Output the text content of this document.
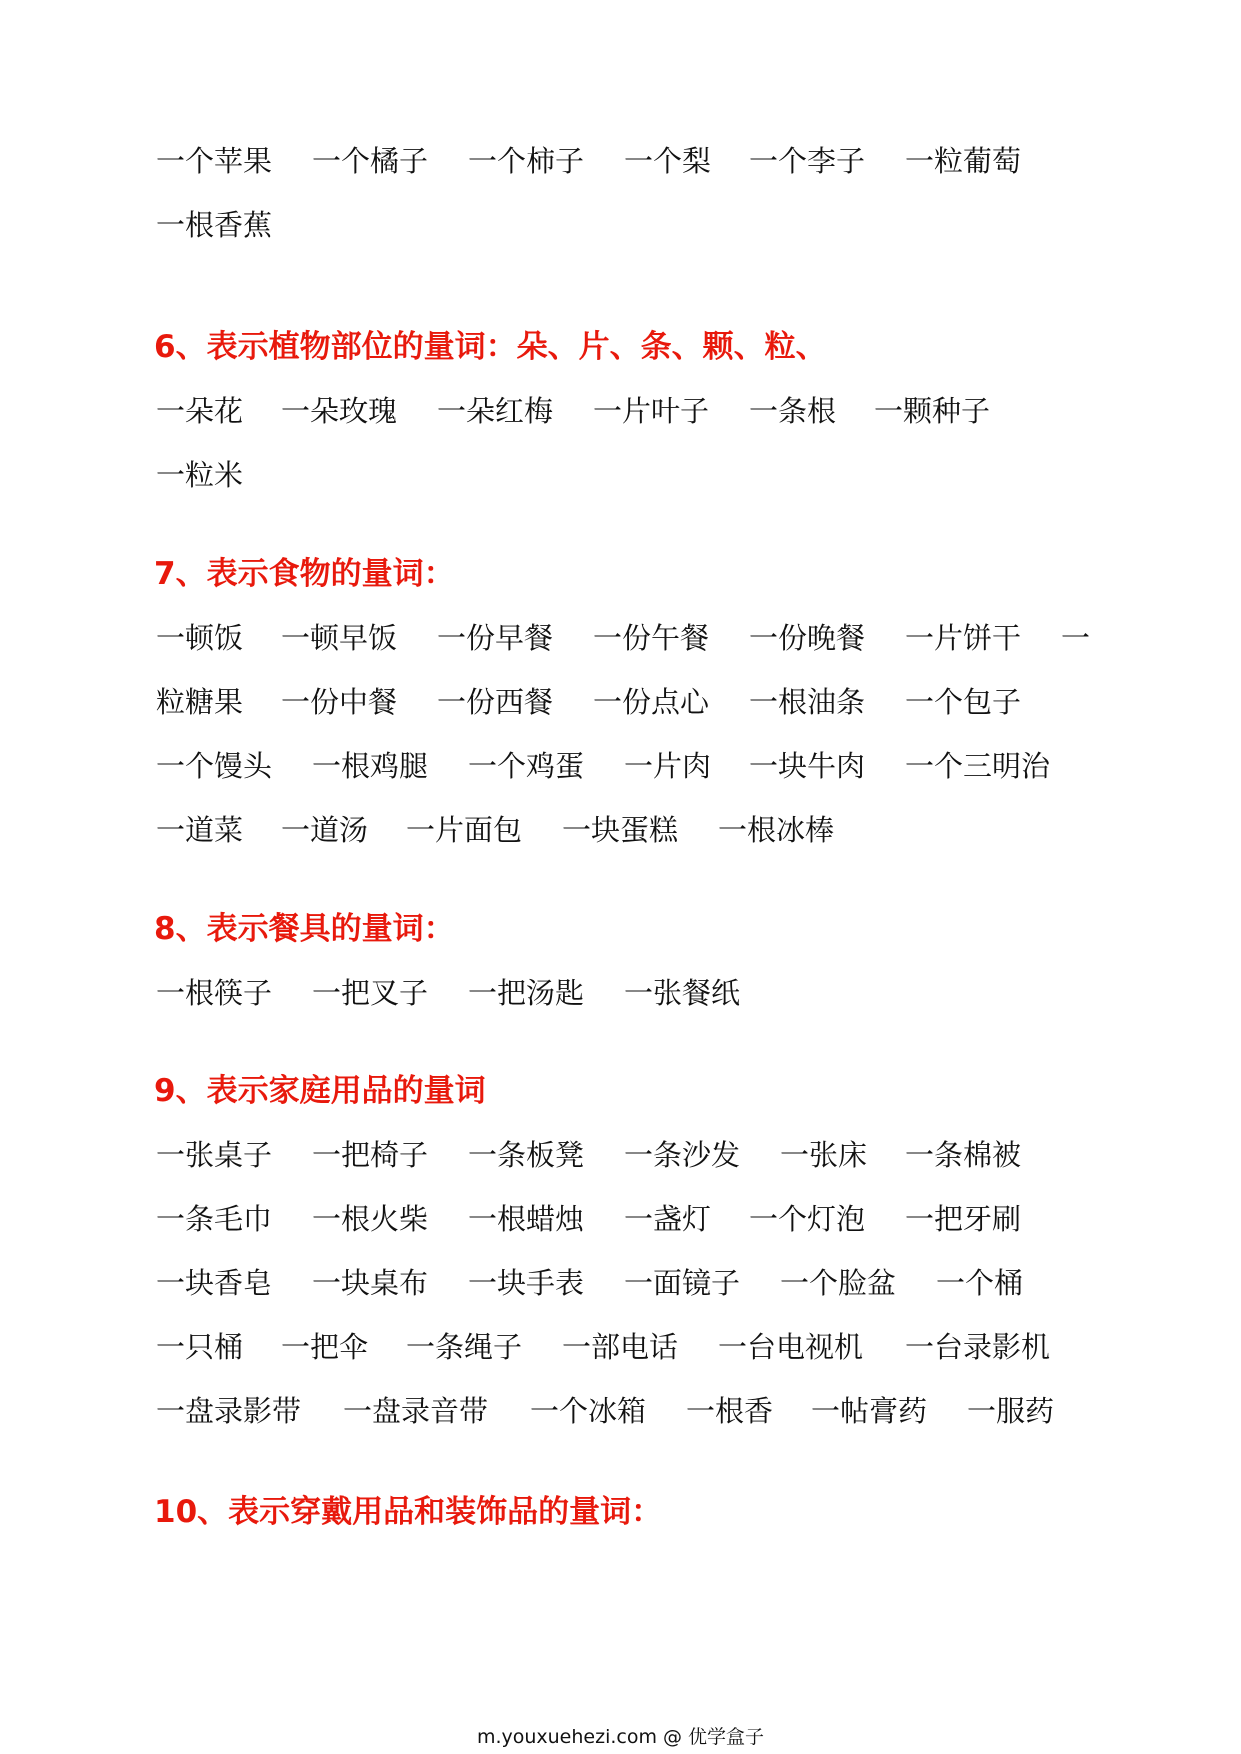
一个苹果 一个橘子 一个柿子 一个梨 一个李子 一粒葡萄
一根香蕉
6、表示植物部位的量词：朵、片、条、颗、粒、
一朵花 一朵玫瑰 一朵红梅 一片叶子 一条根 一颗种子
一粒米
7、表示食物的量词：
一顿饭 一顿早饭 一份早餐 一份午餐 一份晚餐 一片饼干 一
粒糖果 一份中餐 一份西餐 一份点心 一根油条 一个包子
一个馒头 一根鸡腿 一个鸡蛋 一片肉 一块牛肉 一个三明治
一道菜 一道汤 一片面包 一块蛋糕 一根冰棒
8、表示餐具的量词：
一根筷子 一把叉子 一把汤匙 一张餐纸
9、表示家庭用品的量词
一张桌子 一把椅子 一条板凳 一条沙发 一张床 一条棉被
一条毛巾 一根火柴 一根蜡烛 一盏灯 一个灯泡 一把牙刷
一块香皂 一块桌布 一块手表 一面镜子 一个脸盆 一个桶
一只桶 一把伞 一条绳子 一部电话 一台电视机 一台录影机
一盘录影带 一盘录音带 一个冰箱 一根香 一帖膏药 一服药
10、表示穿戴用品和装饰品的量词：
m.youxuehezi.com @ 优学盒子
